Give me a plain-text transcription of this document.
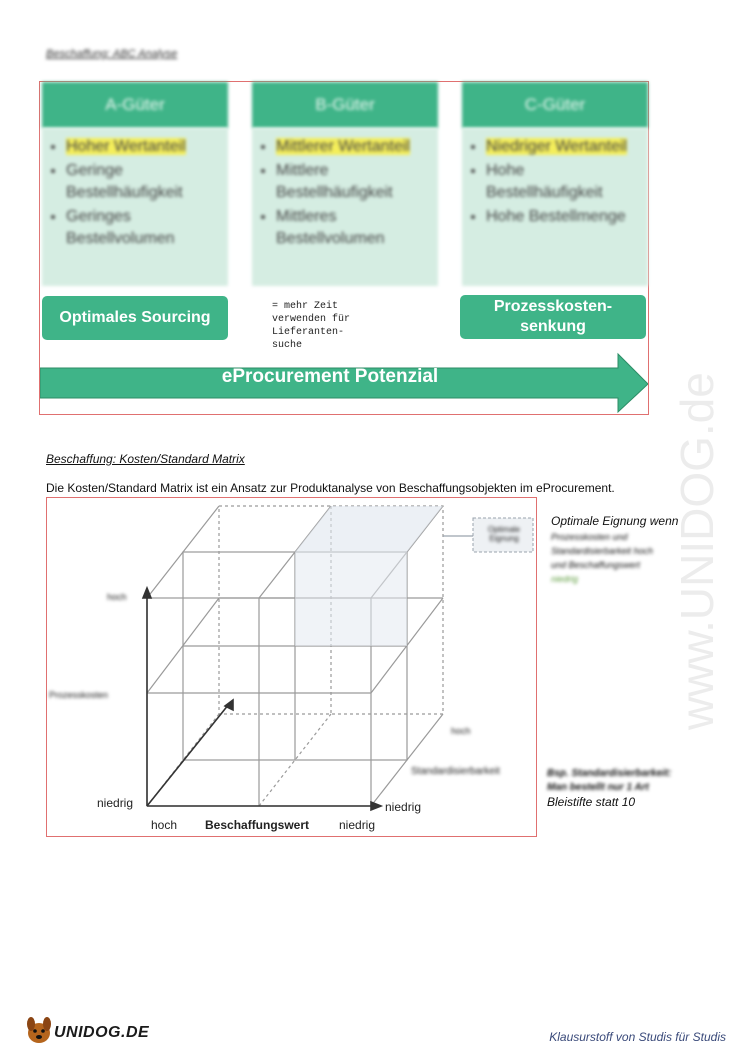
www.UNIDOG.de
Beschaffung: ABC Analyse
A-Güter
• Hoher Wertanteil
• Geringe Bestellhäufigkeit
• Geringes Bestellvolumen
B-Güter
• Mittlerer Wertanteil
• Mittlere Bestellhäufigkeit
• Mittleres Bestellvolumen
C-Güter
• Niedriger Wertanteil
• Hohe Bestellhäufigkeit
• Hohe Bestellmenge
Optimales Sourcing
= mehr Zeit
verwenden für
Lieferanten-
suche
Prozesskosten-
senkung
eProcurement Potenzial
Beschaffung: Kosten/Standard Matrix
Die Kosten/Standard Matrix ist ein Ansatz zur Produktanalyse von Beschaffungsobjekten im eProcurement.
hoch
Prozesskosten
niedrig
hoch Beschaffungswert niedrig
niedrig
hoch
Standardisierbarkeit
Optimale Eignung
Optimale Eignung wenn
Prozesskosten und
Standardisierbarkeit hoch
und Beschaffungswert
niedrig
Bsp. Standardisierbarkeit:
Man bestellt nur 1 Art
Bleistifte statt 10
UNIDOG.DE	Klausurstoff von Studis für Studis
